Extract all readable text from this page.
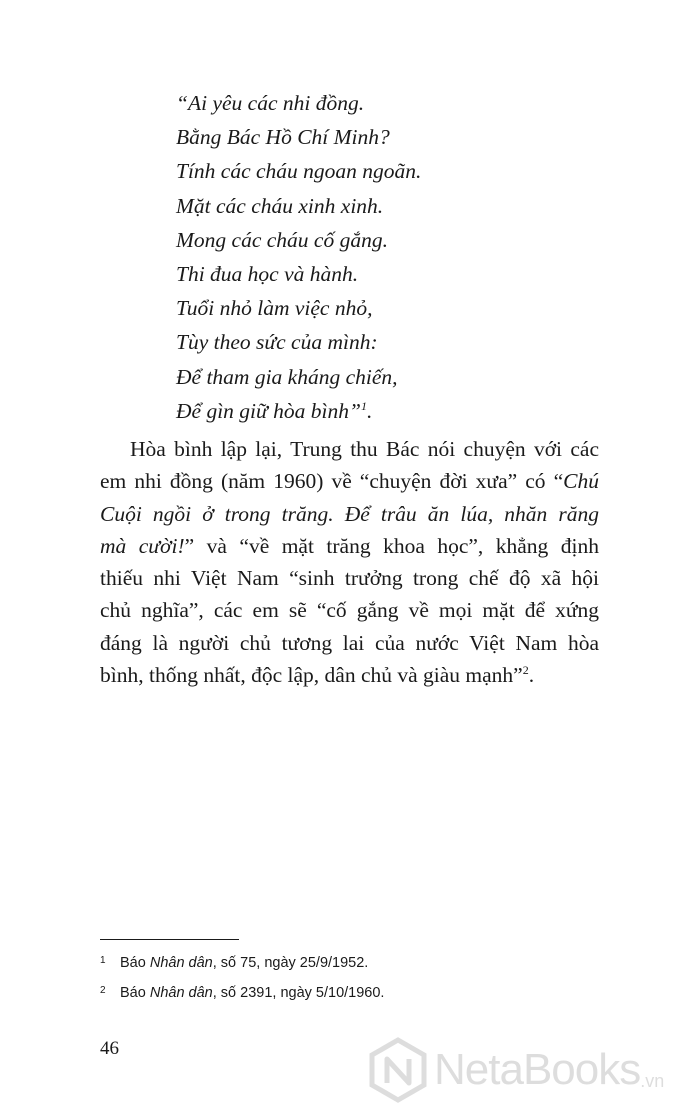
“Ai yêu các nhi đồng.
Bằng Bác Hồ Chí Minh?
Tính các cháu ngoan ngoãn.
Mặt các cháu xinh xinh.
Mong các cháu cố gắng.
Thi đua học và hành.
Tuổi nhỏ làm việc nhỏ,
Tùy theo sức của mình:
Để tham gia kháng chiến,
Để gìn giữ hòa bình”$^1$.
Hòa bình lập lại, Trung thu Bác nói chuyện với các
em nhi đồng (năm 1960) về “chuyện đời xưa” có “Chú
Cuội ngồi ở trong trăng. Để trâu ăn lúa, nhăn răng
mà cười!” và “về mặt trăng khoa học”, khẳng định
thiếu nhi Việt Nam “sinh trưởng trong chế độ xã hội
chủ nghĩa”, các em sẽ “cố gắng về mọi mặt để xứng
đáng là người chủ tương lai của nước Việt Nam hòa
bình, thống nhất, độc lập, dân chủ và giàu mạnh”$^2$.
1 Báo Nhân dân, số 75, ngày 25/9/1952.
2 Báo Nhân dân, số 2391, ngày 5/10/1960.
46	NetaBooks .vn
